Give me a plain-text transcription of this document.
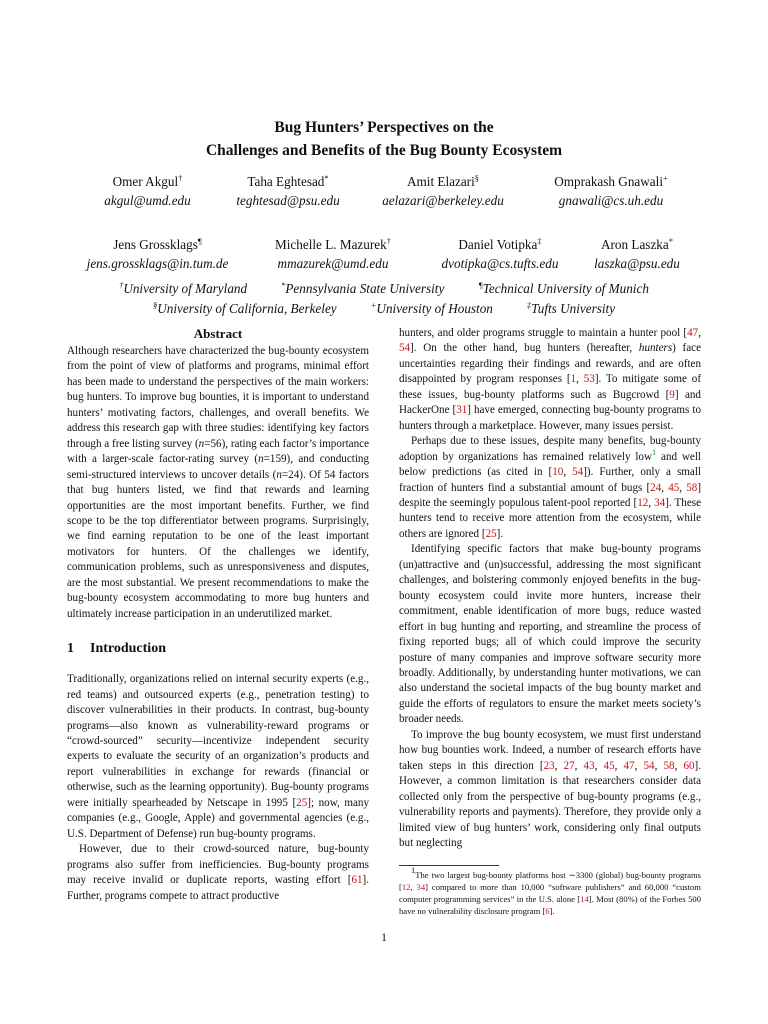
Bug Hunters’ Perspectives on the
Challenges and Benefits of the Bug Bounty Ecosystem
Omer Akgul†
akgul@umd.edu
Taha Eghtesad*
teghtesad@psu.edu
Amit Elazari§
aelazari@berkeley.edu
Omprakash Gnawali+
gnawali@cs.uh.edu
Jens Grossklags¶
jens.grossklags@in.tum.de
Michelle L. Mazurek†
mmazurek@umd.edu
Daniel Votipka‡
dvotipka@cs.tufts.edu
Aron Laszka*
laszka@psu.edu
†University of Maryland	*Pennsylvania State University	¶Technical University of Munich
§University of California, Berkeley	+University of Houston	‡Tufts University
Abstract

Although researchers have characterized the bug-bounty ecosystem from the point of view of platforms and programs, minimal effort has been made to understand the perspectives of the main workers: bug hunters. To improve bug bounties, it is important to understand hunters’ motivating factors, challenges, and overall benefits. We address this research gap with three studies: identifying key factors through a free listing survey (n=56), rating each factor’s importance with a larger-scale factor-rating survey (n=159), and conducting semi-structured interviews to uncover details (n=24). Of 54 factors that bug hunters listed, we find that rewards and learning opportunities are the most important benefits. Further, we find scope to be the top differentiator between programs. Surprisingly, we find earning reputation to be one of the least important motivators for hunters. Of the challenges we identify, communication problems, such as unresponsiveness and disputes, are the most substantial. We present recommendations to make the bug-bounty ecosystem accommodating to more bug hunters and ultimately increase participation in an underutilized market.

1 Introduction

Traditionally, organizations relied on internal security experts (e.g., red teams) and outsourced experts (e.g., penetration testing) to discover vulnerabilities in their products. In contrast, bug-bounty programs—also known as vulnerability-reward programs or “crowd-sourced” security—incentivize independent security experts to evaluate the security of an organization’s products and report vulnerabilities in exchange for rewards (financial or otherwise, such as the learning opportunity). Bug-bounty programs were initially spearheaded by Netscape in 1995 [25]; now, many companies (e.g., Google, Apple) and governmental agencies (e.g., U.S. Department of Defense) run bug-bounty programs.

However, due to their crowd-sourced nature, bug-bounty programs also suffer from inefficiencies. Bug-bounty programs may receive invalid or duplicate reports, wasting effort [61]. Further, programs compete to attract productive

hunters, and older programs struggle to maintain a hunter pool [47, 54]. On the other hand, bug hunters (hereafter, hunters) face uncertainties regarding their findings and rewards, and are often disappointed by program responses [1, 53]. To mitigate some of these issues, bug-bounty platforms such as Bugcrowd [9] and HackerOne [31] have emerged, connecting bug-bounty programs to hunters through a marketplace. However, many issues persist.

Perhaps due to these issues, despite many benefits, bug-bounty adoption by organizations has remained relatively low$^1$ and well below predictions (as cited in [10, 54]). Further, only a small fraction of hunters find a substantial amount of bugs [24, 45, 58] despite the seemingly populous talent-pool reported [12, 34]. These hunters tend to receive more attention from the ecosystem, while others are ignored [25].

Identifying specific factors that make bug-bounty programs (un)attractive and (un)successful, addressing the most significant challenges, and bolstering commonly enjoyed benefits in the bug-bounty ecosystem could invite more hunters, increase their commitment, enable identification of more bugs, reduce wasted effort in bug hunting and reporting, and streamline the process of fixing reported bugs; all of which could improve the security posture of many companies and improve software security more broadly. Additionally, by understanding hunter motivations, we can also understand the societal impacts of the bug bounty market and guide the efforts of regulators to ensure the market meets society’s broader needs.

To improve the bug bounty ecosystem, we must first understand how bug bounties work. Indeed, a number of research efforts have taken steps in this direction [23, 27, 43, 45, 47, 54, 58, 60]. However, a common limitation is that researchers consider data collected only from the perspective of bug-bounty programs (e.g., vulnerability reports and payments). Therefore, they provide only a limited view of bug hunters’ work, considering only final outputs but neglecting

$^1$The two largest bug-bounty platforms host ∼3300 (global) bug-bounty programs [12, 34] compared to more than 10,000 “software publishers” and 60,000 “custom computer programming services” in the U.S. alone [14]. Most (80%) of the Forbes 500 have no vulnerability disclosure program [6].

1
